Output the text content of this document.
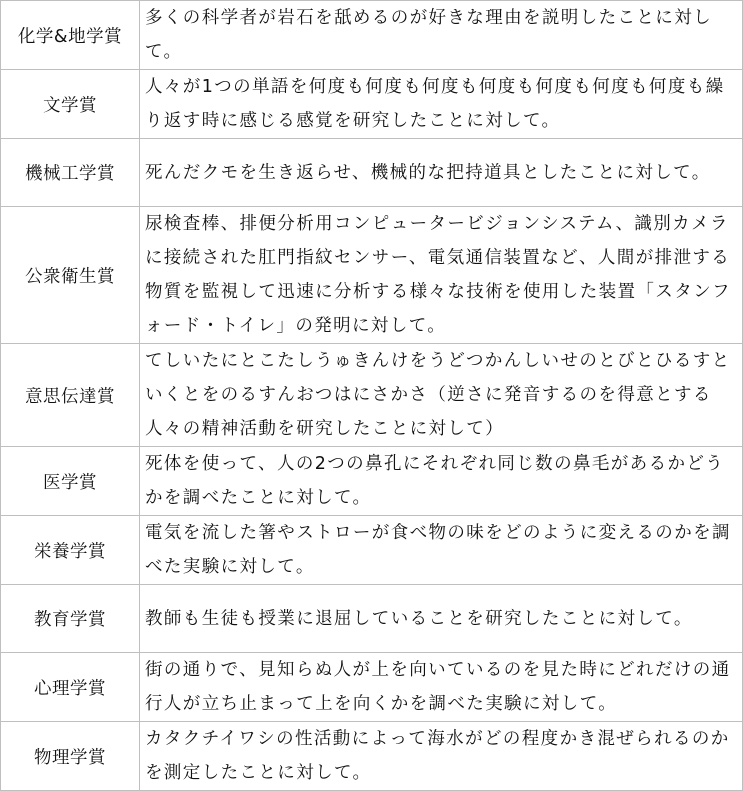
化学&地学賞	多くの科学者が岩石を舐めるのが好きな理由を説明したことに対して。
文学賞	人々が1つの単語を何度も何度も何度も何度も何度も何度も何度も繰り返す時に感じる感覚を研究したことに対して。
機械工学賞	死んだクモを生き返らせ、機械的な把持道具としたことに対して。
公衆衛生賞	尿検査棒、排便分析用コンピュータービジョンシステム、識別カメラに接続された肛門指紋センサー、電気通信装置など、人間が排泄する物質を監視して迅速に分析する様々な技術を使用した装置「スタンフォード・トイレ」の発明に対して。
意思伝達賞	てしいたにとこたしうゅきんけをうどつかんしいせのとびとひるすといくとをのるすんおつはにさかさ（逆さに発音するのを得意とする人々の精神活動を研究したことに対して）
医学賞	死体を使って、人の2つの鼻孔にそれぞれ同じ数の鼻毛があるかどうかを調べたことに対して。
栄養学賞	電気を流した箸やストローが食べ物の味をどのように変えるのかを調べた実験に対して。
教育学賞	教師も生徒も授業に退屈していることを研究したことに対して。
心理学賞	街の通りで、見知らぬ人が上を向いているのを見た時にどれだけの通行人が立ち止まって上を向くかを調べた実験に対して。
物理学賞	カタクチイワシの性活動によって海水がどの程度かき混ぜられるのかを測定したことに対して。
